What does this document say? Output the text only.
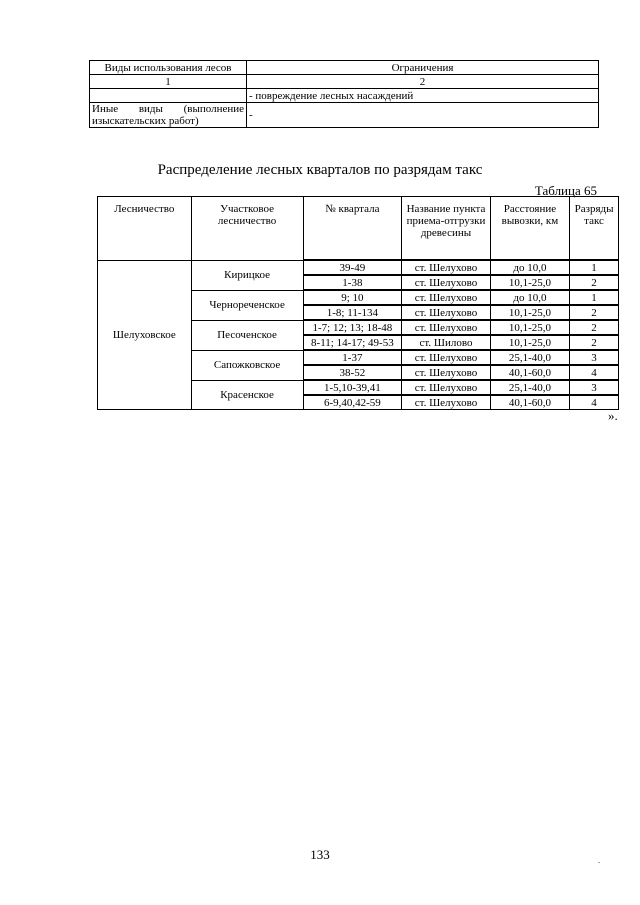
Виды использования лесов	Ограничения
1	2
	- повреждение лесных насаждений
Иные виды (выполнение изыскательских работ)	-
Распределение лесных кварталов по разрядам такс
Таблица 65
Лесничество	Участковое лесничество	№ квартала	Название пункта приема-отгрузки древесины	Расстояние вывозки, км	Разряды такс
Шелуховское	Кирицкое	39-49	ст. Шелухово	до 10,0	1
		1-38	ст. Шелухово	10,1-25,0	2
	Чернореченское	9; 10	ст. Шелухово	до 10,0	1
		1-8; 11-134	ст. Шелухово	10,1-25,0	2
	Песоченское	1-7; 12; 13; 18-48	ст. Шелухово	10,1-25,0	2
		8-11; 14-17; 49-53	ст. Шилово	10,1-25,0	2
	Сапожковское	1-37	ст. Шелухово	25,1-40,0	3
		38-52	ст. Шелухово	40,1-60,0	4
	Красенское	1-5,10-39,41	ст. Шелухово	25,1-40,0	3
		6-9,40,42-59	ст. Шелухово	40,1-60,0	4
».
133	.
